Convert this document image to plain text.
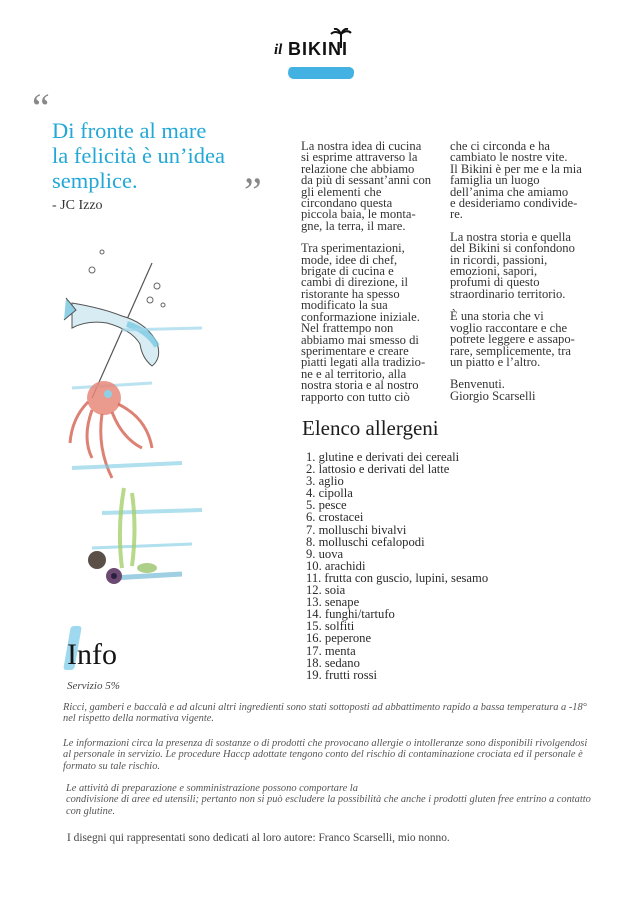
il BIKINI
“
Di fronte al mare
la felicità è un’idea
semplice.	”
- JC Izzo

La nostra idea di cucina
si esprime attraverso la
relazione che abbiamo
da più di sessant’anni con
gli elementi che
circondano questa
piccola baia, le monta-
gne, la terra, il mare.

Tra sperimentazioni,
mode, idee di chef,
brigate di cucina e
cambi di direzione, il
ristorante ha spesso
modificato la sua
conformazione iniziale.
Nel frattempo non
abbiamo mai smesso di
sperimentare e creare
piatti legati alla tradizio-
ne e al territorio, alla
nostra storia e al nostro
rapporto con tutto ciò

che ci circonda e ha
cambiato le nostre vite.
Il Bikini è per me e la mia
famiglia un luogo
dell’anima che amiamo
e desideriamo condivide-
re.

La nostra storia e quella
del Bikini si confondono
in ricordi, passioni,
emozioni, sapori,
profumi di questo
straordinario territorio.

È una storia che vi
voglio raccontare e che
potrete leggere e assapo-
rare, semplicemente, tra
un piatto e l’altro.

Benvenuti.
Giorgio Scarselli

Elenco allergeni
1. glutine e derivati dei cereali
2. lattosio e derivati del latte
3. aglio
4. cipolla
5. pesce
6. crostacei
7. molluschi bivalvi
8. molluschi cefalopodi
9. uova
10. arachidi
11. frutta con guscio, lupini, sesamo
12. soia
13. senape
14. funghi/tartufo
15. solfiti
16. peperone
17. menta
18. sedano
19. frutti rossi
Info
Servizio 5%
Ricci, gamberi e baccalà e ad alcuni altri ingredienti sono stati sottoposti ad abbattimento rapido a bassa temperatura a -18°
nel rispetto della normativa vigente.
Le informazioni circa la presenza di sostanze o di prodotti che provocano allergie o intolleranze sono disponibili rivolgendosi
al personale in servizio. Le procedure Haccp adottate tengono conto del rischio di contaminazione crociata ed il personale è
formato su tale rischio.
Le attività di preparazione e somministrazione possono comportare la
condivisione di aree ed utensili; pertanto non si può escludere la possibilità che anche i prodotti gluten free entrino a contatto
con glutine.
I disegni qui rappresentati sono dedicati al loro autore: Franco Scarselli, mio nonno.
